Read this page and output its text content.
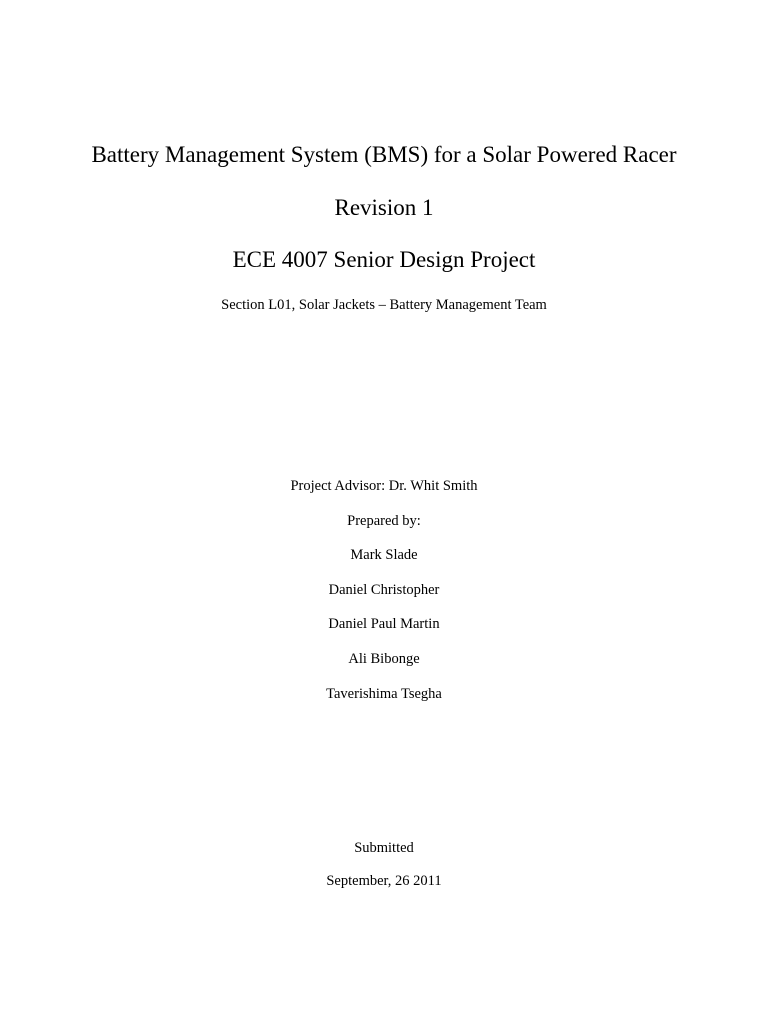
Battery Management System (BMS) for a Solar Powered Racer
Revision 1
ECE 4007 Senior Design Project
Section L01, Solar Jackets – Battery Management Team
Project Advisor: Dr. Whit Smith
Prepared by:
Mark Slade
Daniel Christopher
Daniel Paul Martin
Ali Bibonge
Taverishima Tsegha
Submitted
September, 26 2011
